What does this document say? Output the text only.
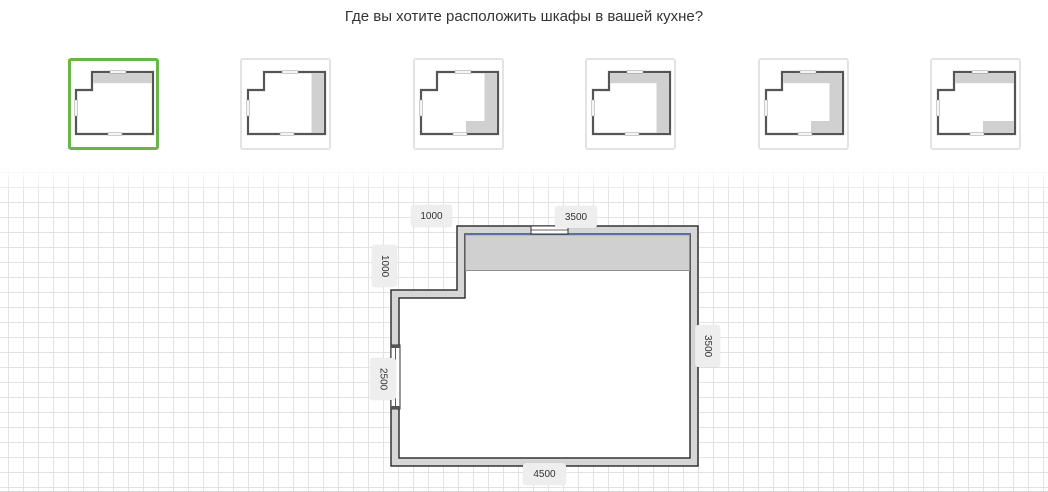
Где вы хотите расположить шкафы в вашей кухне?
1000	3500
1000
3500
2500
4500
